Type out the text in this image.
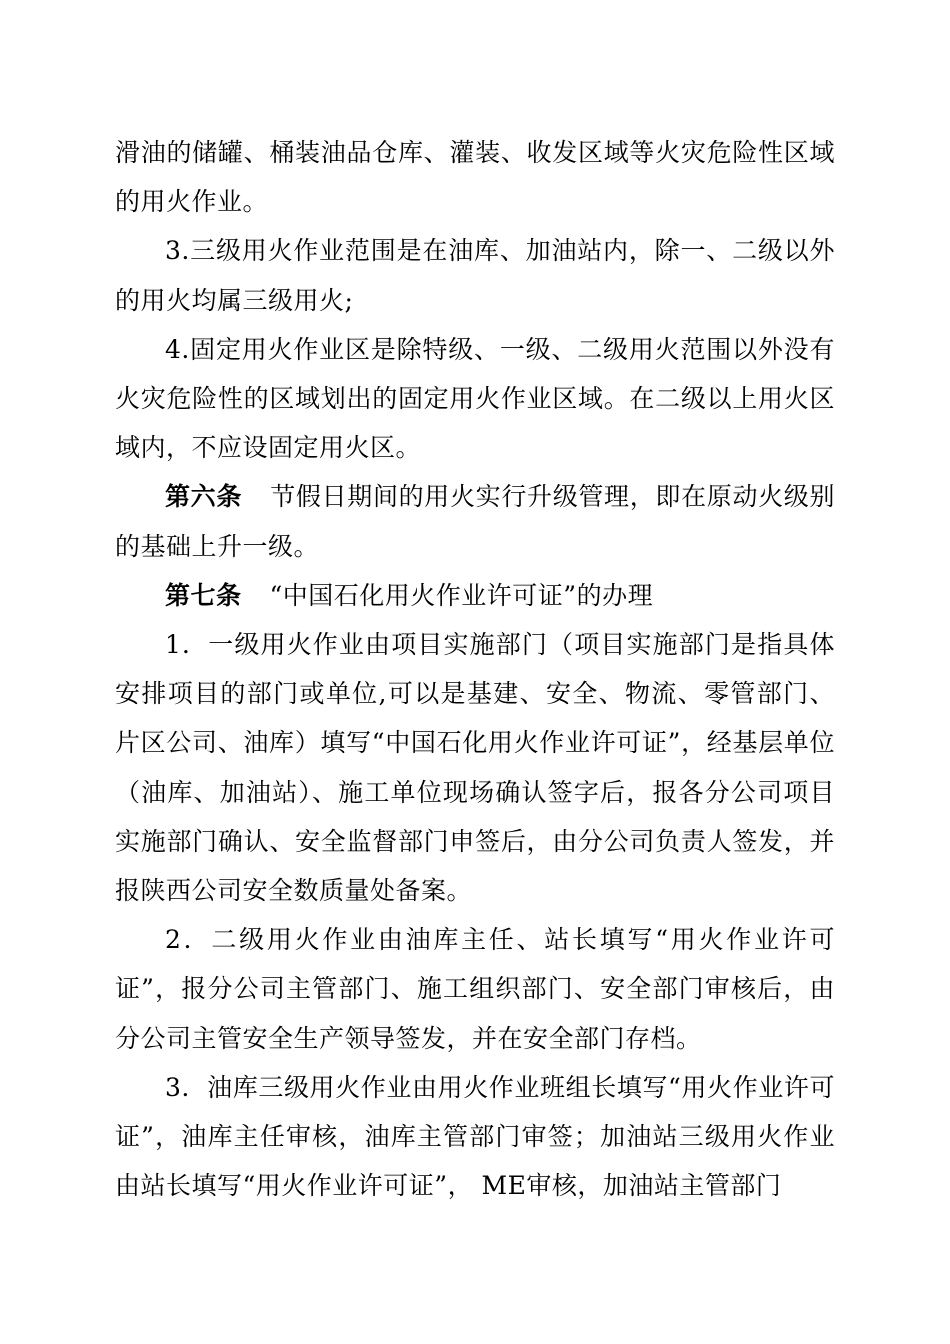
滑油的储罐、桶装油品仓库、灌装、收发区域等火灾危险性区域的用火作业。

3.三级用火作业范围是在油库、加油站内，除一、二级以外的用火均属三级用火;

4.固定用火作业区是除特级、一级、二级用火范围以外没有火灾危险性的区域划出的固定用火作业区域。在二级以上用火区域内，不应设固定用火区。

第六条 节假日期间的用火实行升级管理，即在原动火级别的基础上升一级。

第七条 “中国石化用火作业许可证”的办理

1．一级用火作业由项目实施部门（项目实施部门是指具体安排项目的部门或单位,可以是基建、安全、物流、零管部门、片区公司、油库）填写“中国石化用火作业许可证”，经基层单位（油库、加油站）、施工单位现场确认签字后，报各分公司项目实施部门确认、安全监督部门申签后，由分公司负责人签发，并报陕西公司安全数质量处备案。

2．二级用火作业由油库主任、站长填写“用火作业许可证”，报分公司主管部门、施工组织部门、安全部门审核后，由分公司主管安全生产领导签发，并在安全部门存档。

3．油库三级用火作业由用火作业班组长填写“用火作业许可证”，油库主任审核，油库主管部门审签；加油站三级用火作业由站长填写“用火作业许可证”， ME审核，加油站主管部门
